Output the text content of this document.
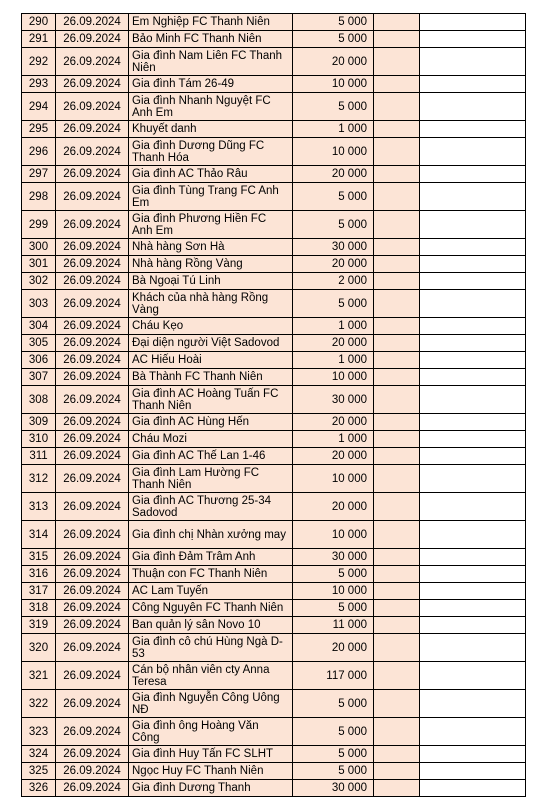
290	26.09.2024	Em Nghiệp FC Thanh Niên	5 000		
291	26.09.2024	Bảo Minh FC Thanh Niên	5 000		
292	26.09.2024	Gia đình Nam Liên FC Thanh Niên	20 000		
293	26.09.2024	Gia đình Tám 26-49	10 000		
294	26.09.2024	Gia đình Nhanh Nguyệt FC Anh Em	5 000		
295	26.09.2024	Khuyết danh	1 000		
296	26.09.2024	Gia đình Dương Dũng FC Thanh Hóa	10 000		
297	26.09.2024	Gia đình AC Thảo Râu	20 000		
298	26.09.2024	Gia đình Tùng Trang FC Anh Em	5 000		
299	26.09.2024	Gia đình Phương Hiền FC Anh Em	5 000		
300	26.09.2024	Nhà hàng Sơn Hà	30 000		
301	26.09.2024	Nhà hàng Rồng Vàng	20 000		
302	26.09.2024	Bà Ngoại Tú Linh	2 000		
303	26.09.2024	Khách của nhà hàng Rồng Vàng	5 000		
304	26.09.2024	Cháu Kẹo	1 000		
305	26.09.2024	Đại diện người Việt Sadovod	20 000		
306	26.09.2024	AC Hiếu Hoài	1 000		
307	26.09.2024	Bà Thành FC Thanh Niên	10 000		
308	26.09.2024	Gia đình AC Hoàng Tuấn FC Thanh Niên	30 000		
309	26.09.2024	Gia đình AC Hùng Hến	20 000		
310	26.09.2024	Cháu Mozi	1 000		
311	26.09.2024	Gia đình AC Thế Lan 1-46	20 000		
312	26.09.2024	Gia đình Lam Hường FC Thanh Niên	10 000		
313	26.09.2024	Gia đình AC Thương 25-34 Sadovod	20 000		
314	26.09.2024	Gia đình chị Nhàn xưởng may	10 000		
315	26.09.2024	Gia đình Đảm Trâm Anh	30 000		
316	26.09.2024	Thuận con FC Thanh Niên	5 000		
317	26.09.2024	AC Lam Tuyến	10 000		
318	26.09.2024	Công Nguyên FC Thanh Niên	5 000		
319	26.09.2024	Ban quản lý sân Novo 10	11 000		
320	26.09.2024	Gia đình cô chú Hùng Ngà D-53	20 000		
321	26.09.2024	Cán bộ nhân viên cty Anna Teresa	117 000		
322	26.09.2024	Gia đình Nguyễn Công Uông NĐ	5 000		
323	26.09.2024	Gia đình ông Hoàng Văn Công	5 000		
324	26.09.2024	Gia đình Huy Tấn FC SLHT	5 000		
325	26.09.2024	Ngọc Huy FC Thanh Niên	5 000		
326	26.09.2024	Gia đình Dương Thanh	30 000		
